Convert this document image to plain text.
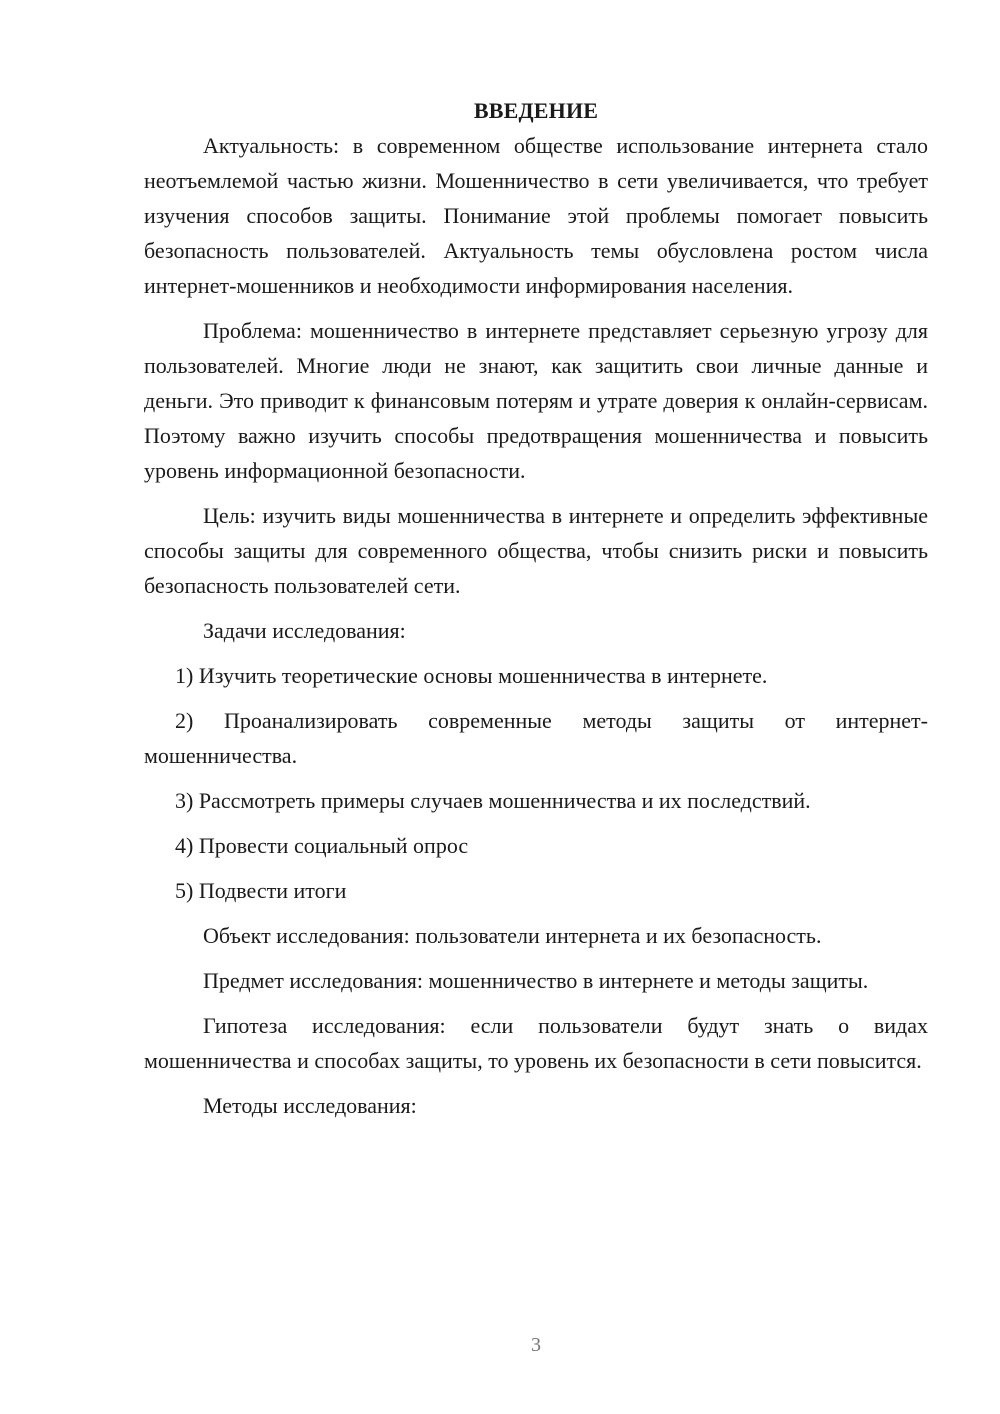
ВВЕДЕНИЕ

Актуальность: в современном обществе использование интернета стало неотъемлемой частью жизни. Мошенничество в сети увеличивается, что требует изучения способов защиты. Понимание этой проблемы помогает повысить безопасность пользователей. Актуальность темы обусловлена ростом числа интернет-мошенников и необходимости информирования населения.

Проблема: мошенничество в интернете представляет серьезную угрозу для пользователей. Многие люди не знают, как защитить свои личные данные и деньги. Это приводит к финансовым потерям и утрате доверия к онлайн-сервисам. Поэтому важно изучить способы предотвращения мошенничества и повысить уровень информационной безопасности.

Цель: изучить виды мошенничества в интернете и определить эффективные способы защиты для современного общества, чтобы снизить риски и повысить безопасность пользователей сети.

Задачи исследования:

1) Изучить теоретические основы мошенничества в интернете.

2) Проанализировать современные методы защиты от интернет-мошенничества.

3) Рассмотреть примеры случаев мошенничества и их последствий.

4) Провести социальный опрос

5) Подвести итоги

Объект исследования: пользователи интернета и их безопасность.

Предмет исследования: мошенничество в интернете и методы защиты.

Гипотеза исследования: если пользователи будут знать о видах мошенничества и способах защиты, то уровень их безопасности в сети повысится.

Методы исследования:

3
